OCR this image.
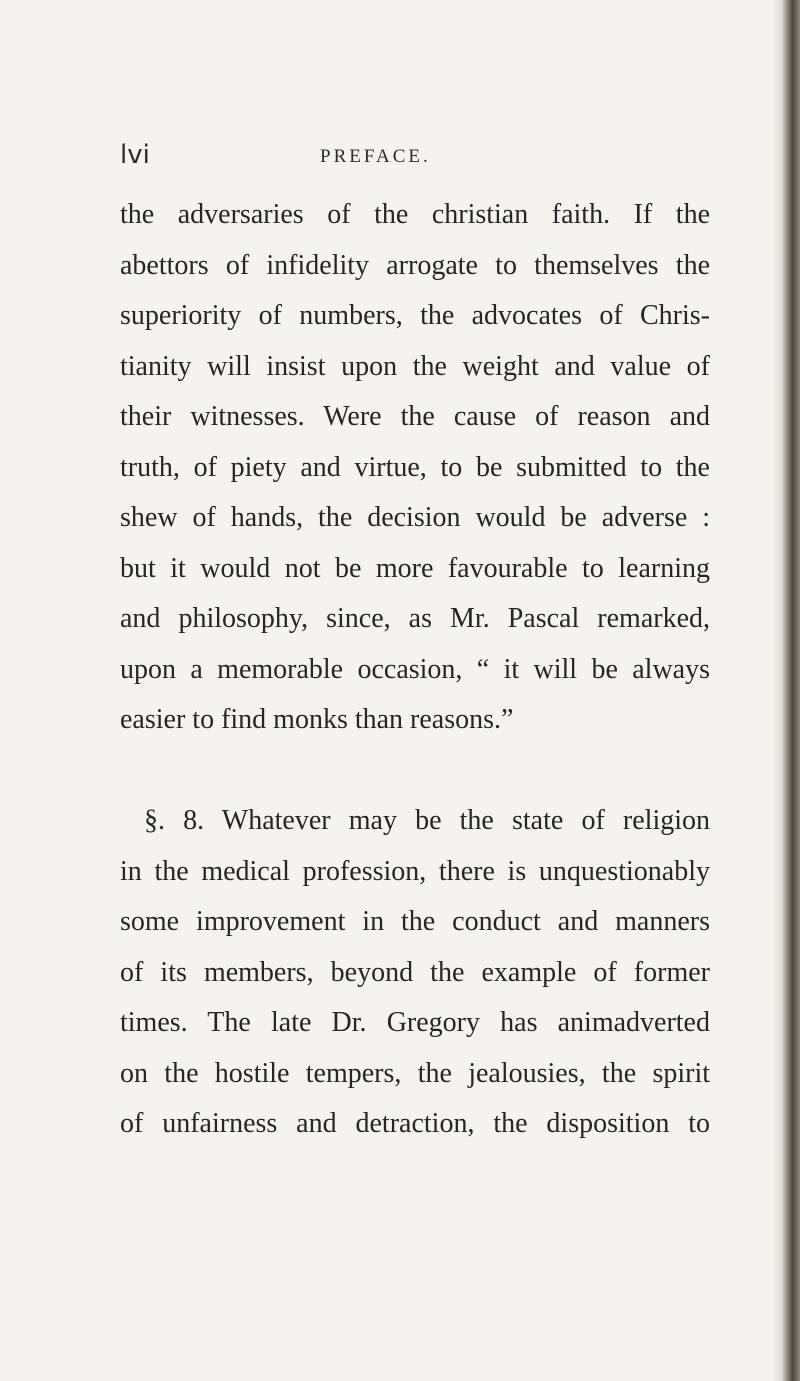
lvi	PREFACE.
the adversaries of the christian faith. If the
abettors of infidelity arrogate to themselves the
superiority of numbers, the advocates of Chris-
tianity will insist upon the weight and value of
their witnesses. Were the cause of reason and
truth, of piety and virtue, to be submitted to the
shew of hands, the decision would be adverse :
but it would not be more favourable to learning
and philosophy, since, as Mr. Pascal remarked,
upon a memorable occasion, “ it will be always
easier to find monks than reasons.”
§. 8. Whatever may be the state of religion
in the medical profession, there is unquestionably
some improvement in the conduct and manners
of its members, beyond the example of former
times. The late Dr. Gregory has animadverted
on the hostile tempers, the jealousies, the spirit
of unfairness and detraction, the disposition to
